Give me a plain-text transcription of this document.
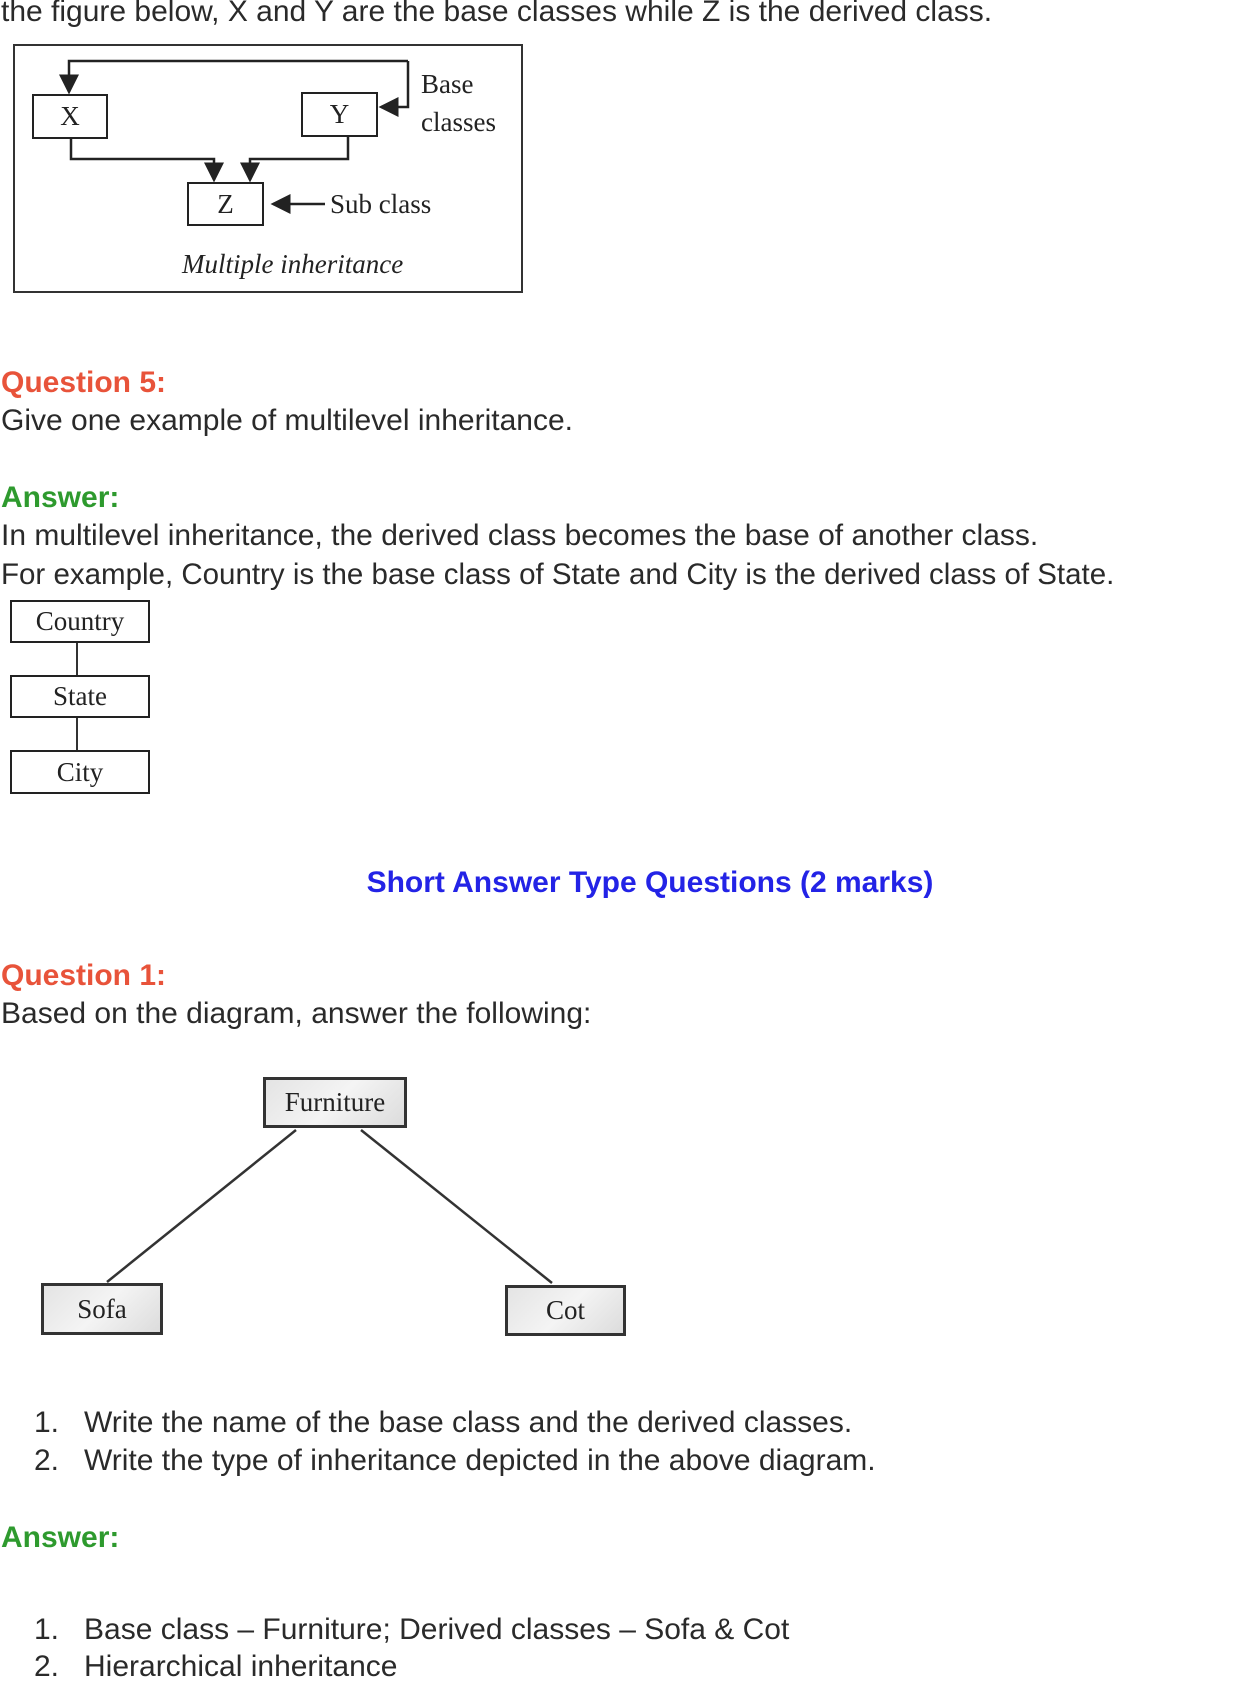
the figure below, X and Y are the base classes while Z is the derived class.
X	Y
Z
Base
classes
Sub class
Multiple inheritance
Question 5:
Give one example of multilevel inheritance.
Answer:
In multilevel inheritance, the derived class becomes the base of another class.
For example, Country is the base class of State and City is the derived class of State.
Country
State
City
Short Answer Type Questions (2 marks)
Question 1:
Based on the diagram, answer the following:
Furniture
Sofa	Cot
1. Write the name of the base class and the derived classes.
2. Write the type of inheritance depicted in the above diagram.
Answer:
1. Base class – Furniture; Derived classes – Sofa & Cot
2. Hierarchical inheritance
